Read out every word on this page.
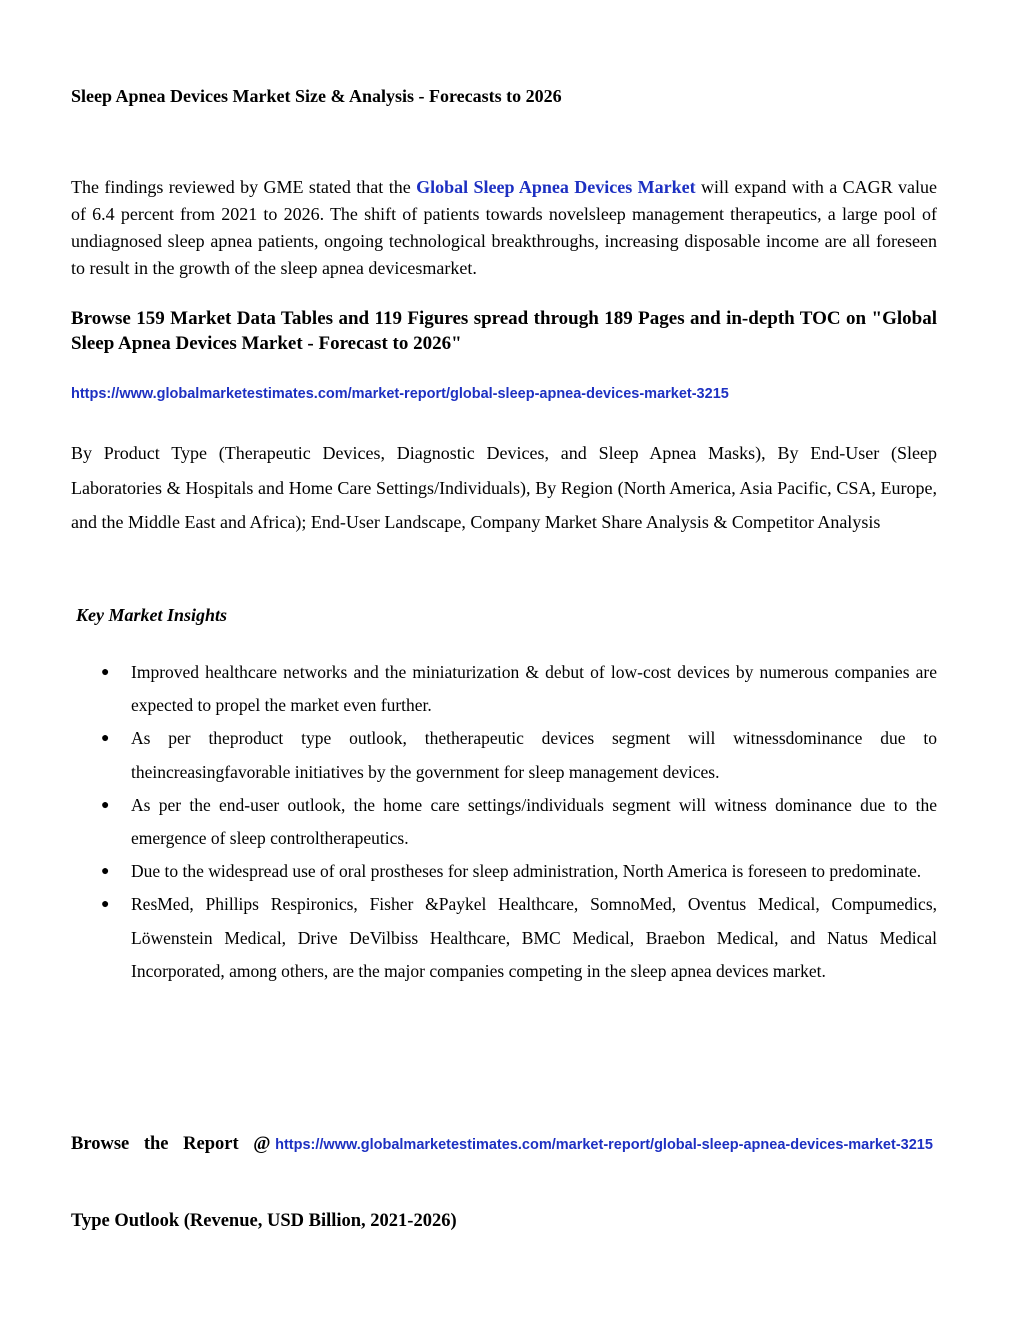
Sleep Apnea Devices Market Size & Analysis - Forecasts to 2026

The findings reviewed by GME stated that the Global Sleep Apnea Devices Market will expand with a CAGR value of 6.4 percent from 2021 to 2026. The shift of patients towards novelsleep management therapeutics, a large pool of undiagnosed sleep apnea patients, ongoing technological breakthroughs, increasing disposable income are all foreseen to result in the growth of the sleep apnea devicesmarket.

Browse 159 Market Data Tables and 119 Figures spread through 189 Pages and in-depth TOC on "Global Sleep Apnea Devices Market - Forecast to 2026"

https://www.globalmarketestimates.com/market-report/global-sleep-apnea-devices-market-3215

By Product Type (Therapeutic Devices, Diagnostic Devices, and Sleep Apnea Masks), By End-User (Sleep Laboratories & Hospitals and Home Care Settings/Individuals), By Region (North America, Asia Pacific, CSA, Europe, and the Middle East and Africa); End-User Landscape, Company Market Share Analysis & Competitor Analysis

Key Market Insights
● Improved healthcare networks and the miniaturization & debut of low-cost devices by numerous companies are expected to propel the market even further.
● As per theproduct type outlook, thetherapeutic devices segment will witnessdominance due to theincreasingfavorable initiatives by the government for sleep management devices.
● As per the end-user outlook, the home care settings/individuals segment will witness dominance due to the emergence of sleep controltherapeutics.
● Due to the widespread use of oral prostheses for sleep administration, North America is foreseen to predominate.
● ResMed, Phillips Respironics, Fisher &Paykel Healthcare, SomnoMed, Oventus Medical, Compumedics, Löwenstein Medical, Drive DeVilbiss Healthcare, BMC Medical, Braebon Medical, and Natus Medical Incorporated, among others, are the major companies competing in the sleep apnea devices market.

Browse the Report @ https://www.globalmarketestimates.com/market-report/global-sleep-apnea-devices-market-3215

Type Outlook (Revenue, USD Billion, 2021-2026)
